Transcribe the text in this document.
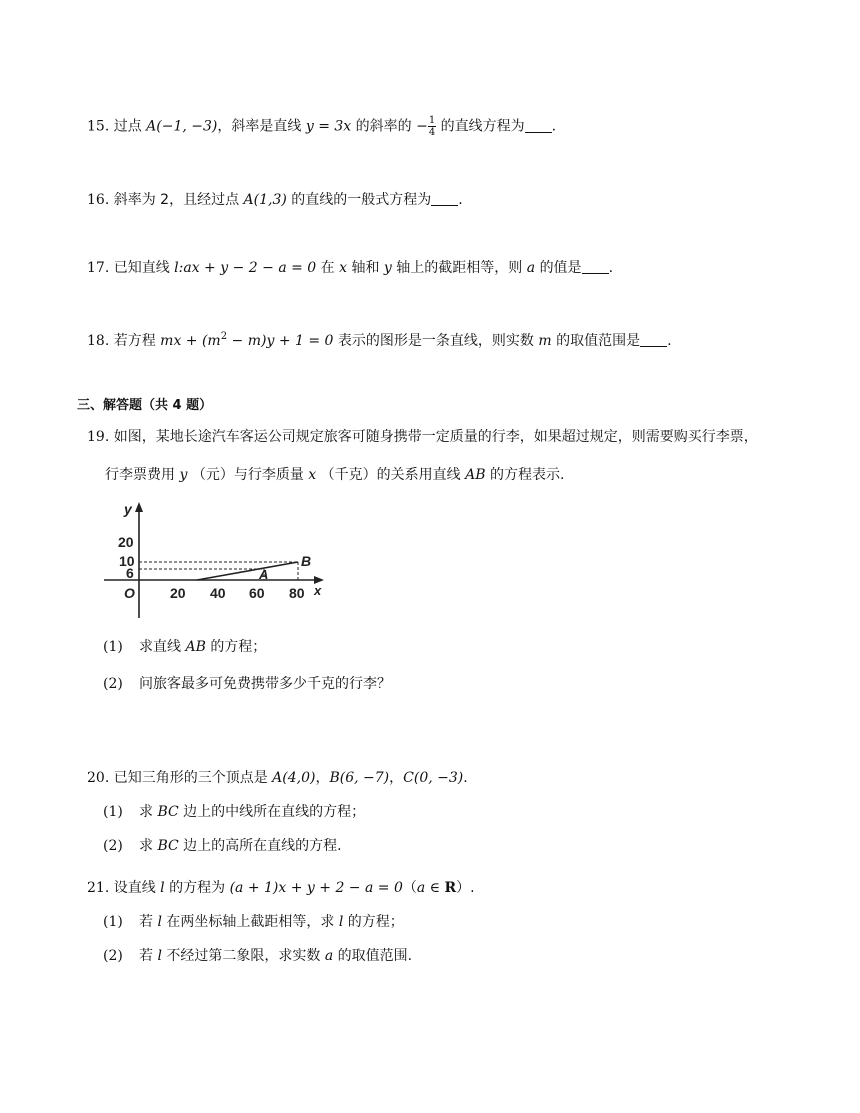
15. 过点 A(−1, −3)，斜率是直线 y = 3x 的斜率的 − $\frac{1}{4}$ 的直线方程为 .
16. 斜率为 2，且经过点 A(1,3) 的直线的一般式方程为 .
17. 已知直线 l:ax + y − 2 − a = 0 在 x 轴和 y 轴上的截距相等，则 a 的值是 .
18. 若方程 mx + $(m^2 - m)y + 1 = 0$ 表示的图形是一条直线，则实数 m 的取值范围是 .
三、解答题（共 4 题）
19. 如图，某地长途汽车客运公司规定旅客可随身携带一定质量的行李，如果超过规定，则需要购买行李票，
行李票费用 y （元）与行李质量 x （千克）的关系用直线 AB 的方程表示.
y
x
O
20
10
6
20 40 60 80
A
B
(1) 求直线 AB 的方程；
(2) 问旅客最多可免费携带多少千克的行李？
20. 已知三角形的三个顶点是 A(4,0)，B(6, −7)，C(0, −3).
(1) 求 BC 边上的中线所在直线的方程；
(2) 求 BC 边上的高所在直线的方程.
21. 设直线 l 的方程为 (a + 1)x + y + 2 − a = 0（a ∈ R）.
(1) 若 l 在两坐标轴上截距相等，求 l 的方程；
(2) 若 l 不经过第二象限，求实数 a 的取值范围.
